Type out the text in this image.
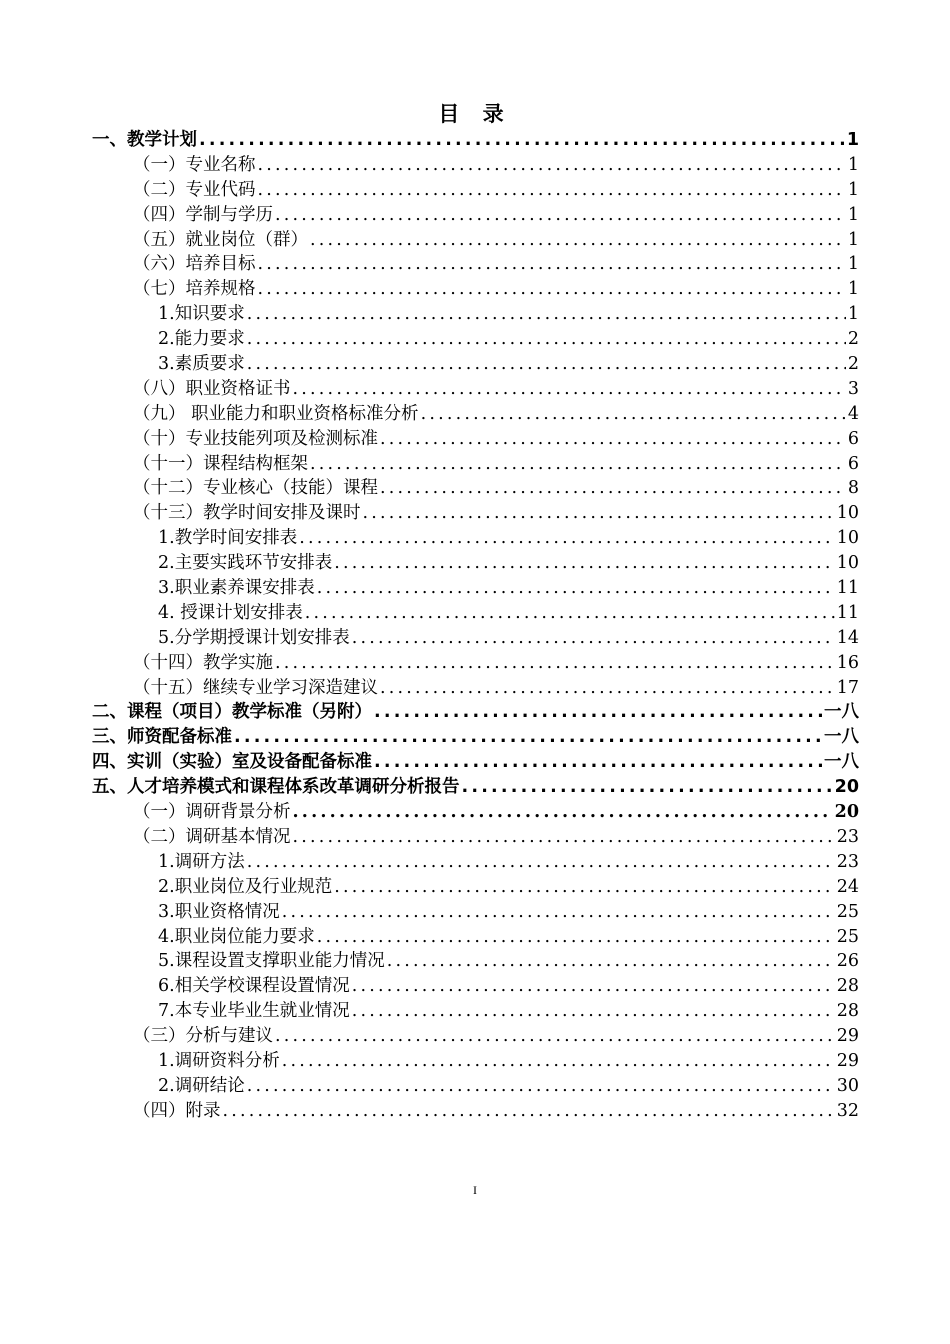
目 录
一、教学计划 .....	1
（一）专业名称 .....	1
（二）专业代码 .....	1
（四）学制与学历 .....	1
（五）就业岗位（群） .....	1
（六）培养目标 .....	1
（七）培养规格 .....	1
1.知识要求 .....	1
2.能力要求 .....	2
3.素质要求 .....	2
（八）职业资格证书 .....	3
（九） 职业能力和职业资格标准分析 .....	4
（十）专业技能列项及检测标准 .....	6
（十一）课程结构框架 .....	6
（十二）专业核心（技能）课程 .....	8
（十三）教学时间安排及课时 .....	10
1.教学时间安排表 .....	10
2.主要实践环节安排表 .....	10
3.职业素养课安排表 .....	11
4. 授课计划安排表 .....	11
5.分学期授课计划安排表 .....	14
（十四）教学实施 .....	16
（十五）继续专业学习深造建议 .....	17
二、课程（项目）教学标准（另附） .....	一八
三、师资配备标准 .....	一八
四、实训（实验）室及设备配备标准 .....	一八
五、人才培养模式和课程体系改革调研分析报告 .....	20
（一）调研背景分析 .....	20
（二）调研基本情况 .....	23
1.调研方法 .....	23
2.职业岗位及行业规范 .....	24
3.职业资格情况 .....	25
4.职业岗位能力要求 .....	25
5.课程设置支撑职业能力情况 .....	26
6.相关学校课程设置情况 .....	28
7.本专业毕业生就业情况 .....	28
（三）分析与建议 .....	29
1.调研资料分析 .....	29
2.调研结论 .....	30
（四）附录 .....	32
I
